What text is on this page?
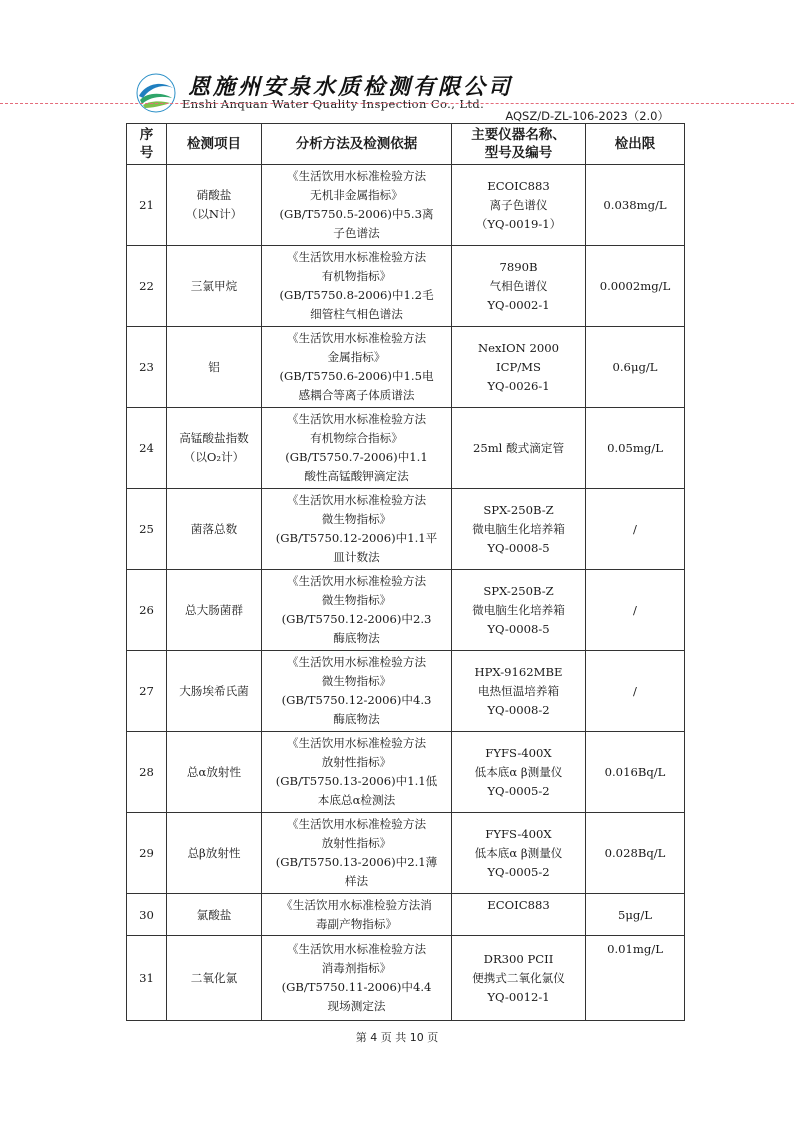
恩施州安泉水质检测有限公司
Enshi Anquan Water Quality Inspection Co., Ltd.
AQSZ/D-ZL-106-2023（2.0）
序
号	检测项目	分析方法及检测依据	主要仪器名称、
型号及编号	检出限
21	硝酸盐
（以N计）	《生活饮用水标准检验方法
无机非金属指标》
(GB/T5750.5-2006)中5.3离
子色谱法	ECOIC883
离子色谱仪
（YQ-0019-1）	0.038mg/L
22	三氯甲烷	《生活饮用水标准检验方法
有机物指标》
(GB/T5750.8-2006)中1.2毛
细管柱气相色谱法	7890B
气相色谱仪
YQ-0002-1	0.0002mg/L
23	铝	《生活饮用水标准检验方法
金属指标》
(GB/T5750.6-2006)中1.5电
感耦合等离子体质谱法	NexION 2000
ICP/MS
YQ-0026-1	0.6μg/L
24	高锰酸盐指数
（以O₂计）	《生活饮用水标准检验方法
有机物综合指标》
(GB/T5750.7-2006)中1.1
酸性高锰酸钾滴定法	25ml 酸式滴定管	0.05mg/L
25	菌落总数	《生活饮用水标准检验方法
微生物指标》
(GB/T5750.12-2006)中1.1平
皿计数法	SPX-250B-Z
微电脑生化培养箱
YQ-0008-5	/
26	总大肠菌群	《生活饮用水标准检验方法
微生物指标》
(GB/T5750.12-2006)中2.3
酶底物法	SPX-250B-Z
微电脑生化培养箱
YQ-0008-5	/
27	大肠埃希氏菌	《生活饮用水标准检验方法
微生物指标》
(GB/T5750.12-2006)中4.3
酶底物法	HPX-9162MBE
电热恒温培养箱
YQ-0008-2	/
28	总α放射性	《生活饮用水标准检验方法
放射性指标》
(GB/T5750.13-2006)中1.1低
本底总α检测法	FYFS-400X
低本底α β测量仪
YQ-0005-2	0.016Bq/L
29	总β放射性	《生活饮用水标准检验方法
放射性指标》
(GB/T5750.13-2006)中2.1薄
样法	FYFS-400X
低本底α β测量仪
YQ-0005-2	0.028Bq/L
30	氯酸盐	《生活饮用水标准检验方法消
毒副产物指标》	ECOIC883	5μg/L
31	二氧化氯	《生活饮用水标准检验方法
消毒剂指标》
(GB/T5750.11-2006)中4.4
现场测定法	DR300 PCII
便携式二氧化氯仪
YQ-0012-1	0.01mg/L
第 4 页 共 10 页
